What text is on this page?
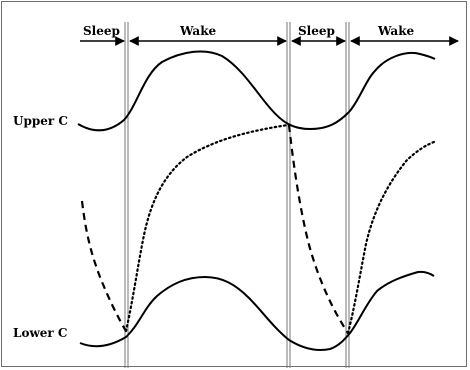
Sleep	Wake	Sleep	Wake
Upper C
Lower C
